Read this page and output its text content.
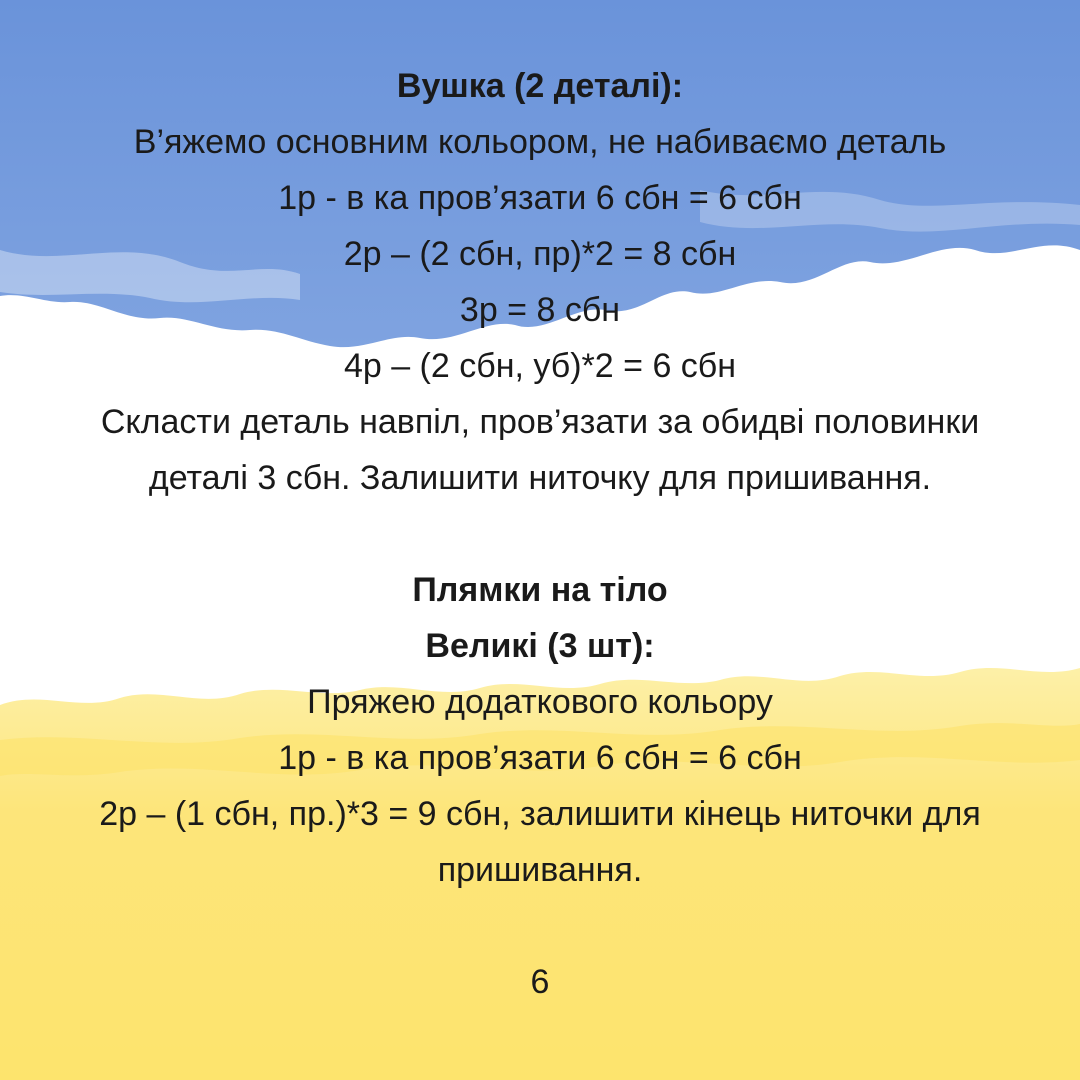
Вушка (2 деталі):
В’яжемо основним кольором, не набиваємо деталь
1р - в ка пров’язати 6 сбн = 6 сбн
2р – (2 сбн, пр)*2 = 8 сбн
3р = 8 сбн
4р – (2 сбн, уб)*2 = 6 сбн
Скласти деталь навпіл, пров’язати за обидві половинки
деталі 3 сбн. Залишити ниточку для пришивання.
Плямки на тіло
Великі (3 шт):
Пряжею додаткового кольору
1р - в ка пров’язати 6 сбн = 6 сбн
2р – (1 сбн, пр.)*3 = 9 сбн, залишити кінець ниточки для
пришивання.
6
